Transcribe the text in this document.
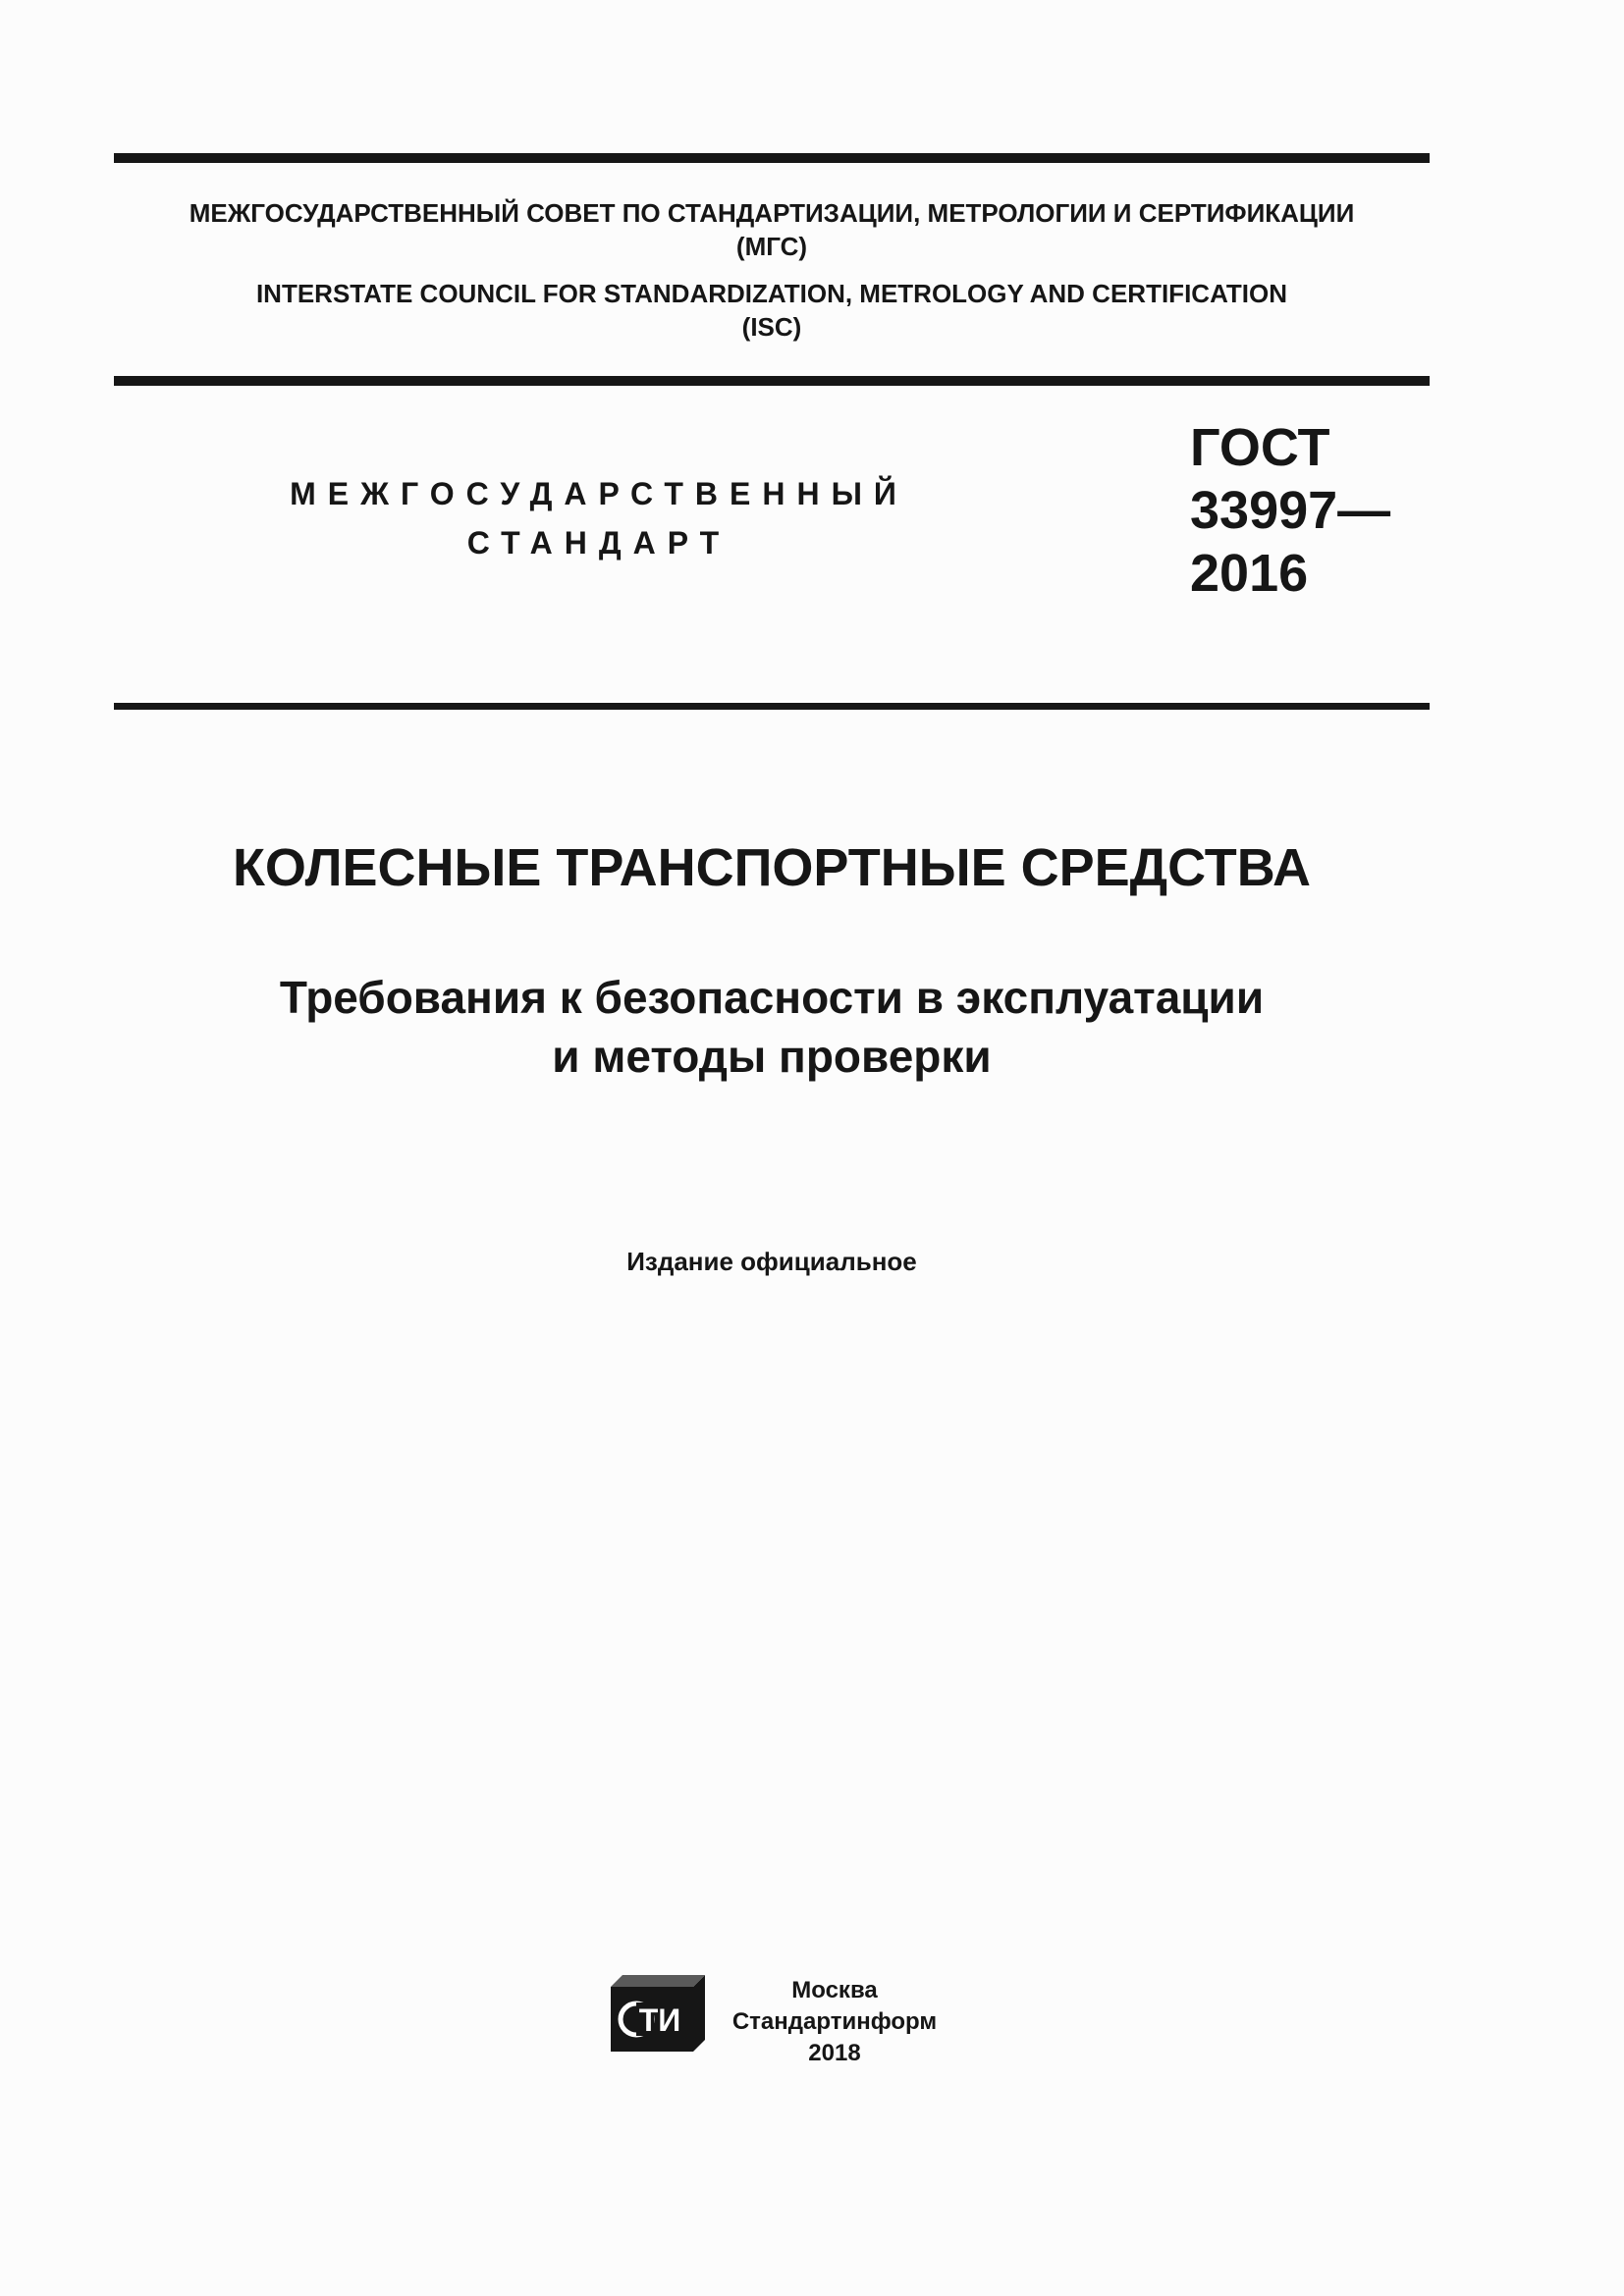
МЕЖГОСУДАРСТВЕННЫЙ СОВЕТ ПО СТАНДАРТИЗАЦИИ, МЕТРОЛОГИИ И СЕРТИФИКАЦИИ
(МГС)
INTERSTATE COUNCIL FOR STANDARDIZATION, METROLOGY AND CERTIFICATION
(ISC)
МЕЖГОСУДАРСТВЕННЫЙ
СТАНДАРТ
ГОСТ
33997—
2016
КОЛЕСНЫЕ ТРАНСПОРТНЫЕ СРЕДСТВА
Требования к безопасности в эксплуатации
и методы проверки
Издание официальное
ТИ
Москва
Стандартинформ
2018
